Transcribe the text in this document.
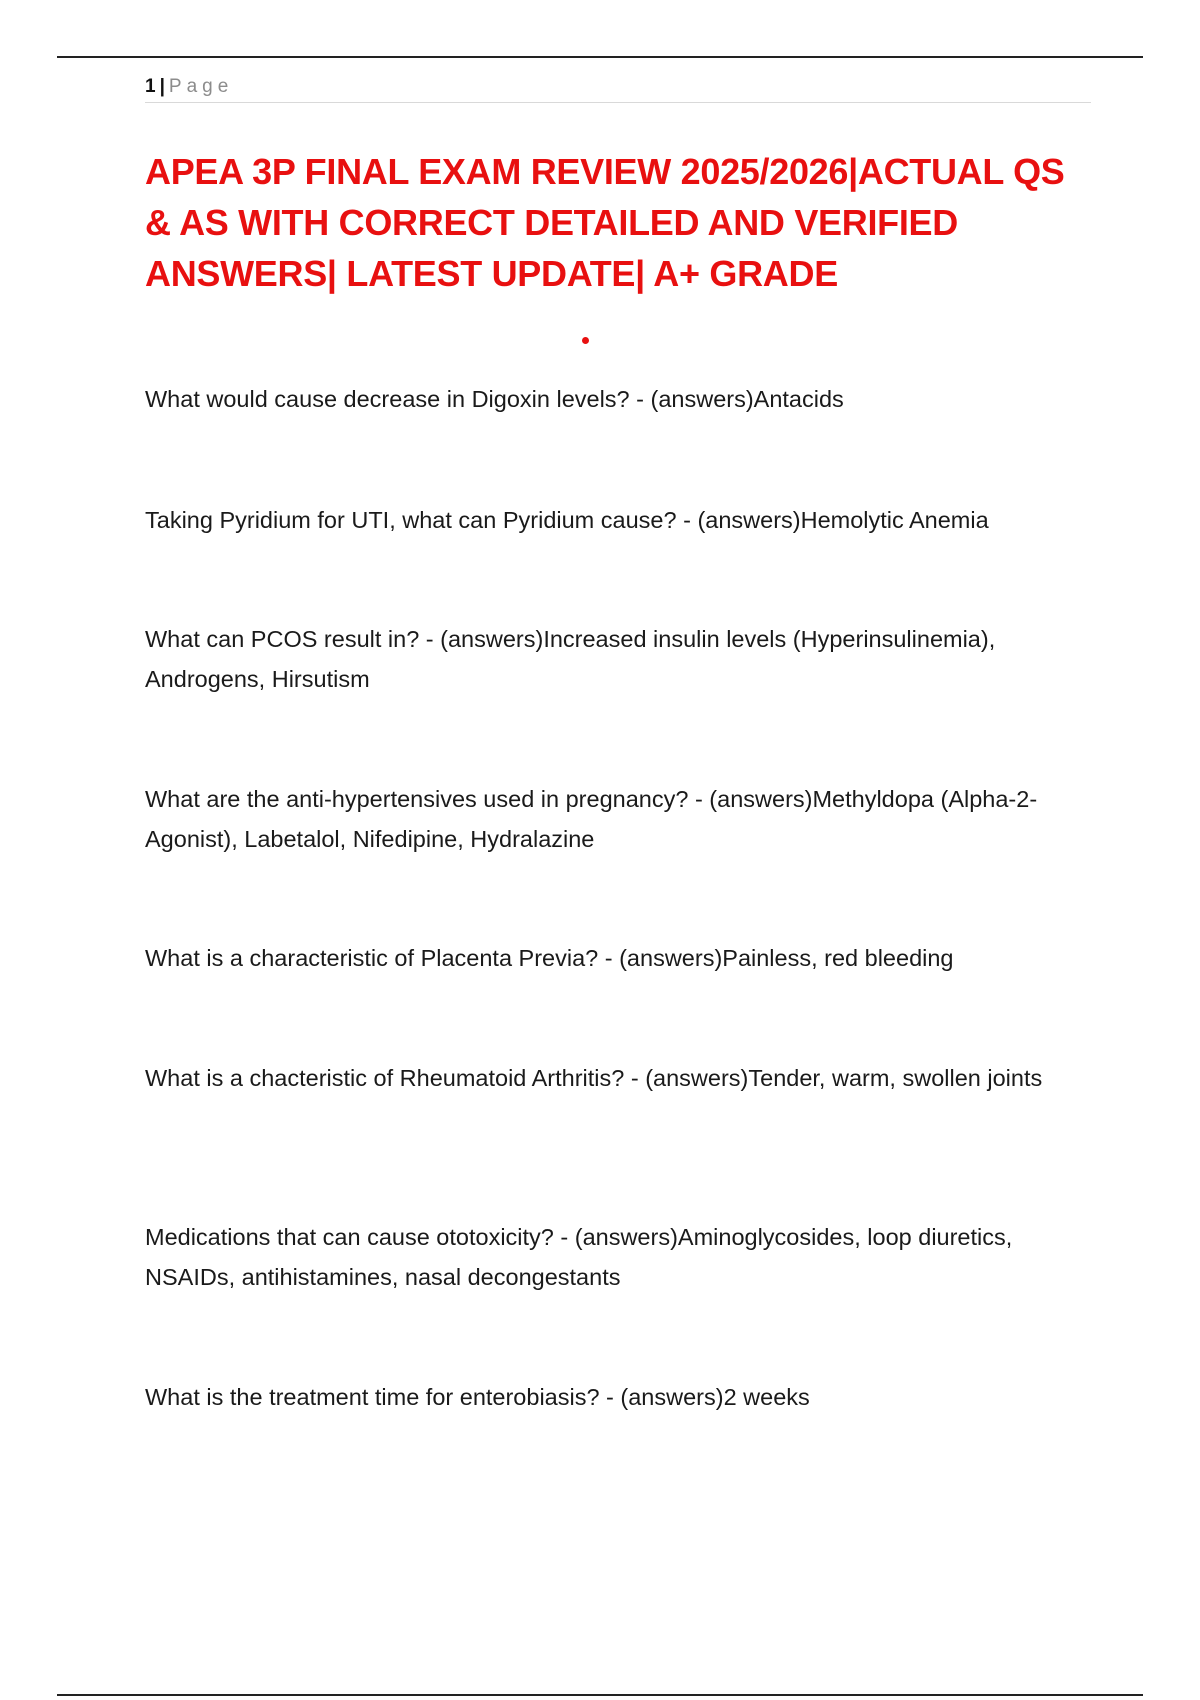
1 | Page
APEA 3P FINAL EXAM REVIEW 2025/2026|ACTUAL QS & AS WITH CORRECT DETAILED AND VERIFIED ANSWERS| LATEST UPDATE| A+ GRADE

What would cause decrease in Digoxin levels? - (answers)Antacids

Taking Pyridium for UTI, what can Pyridium cause? - (answers)Hemolytic Anemia

What can PCOS result in? - (answers)Increased insulin levels (Hyperinsulinemia), Androgens, Hirsutism

What are the anti-hypertensives used in pregnancy? - (answers)Methyldopa (Alpha-2-Agonist), Labetalol, Nifedipine, Hydralazine

What is a characteristic of Placenta Previa? - (answers)Painless, red bleeding

What is a chacteristic of Rheumatoid Arthritis? - (answers)Tender, warm, swollen joints

Medications that can cause ototoxicity? - (answers)Aminoglycosides, loop diuretics, NSAIDs, antihistamines, nasal decongestants

What is the treatment time for enterobiasis? - (answers)2 weeks
